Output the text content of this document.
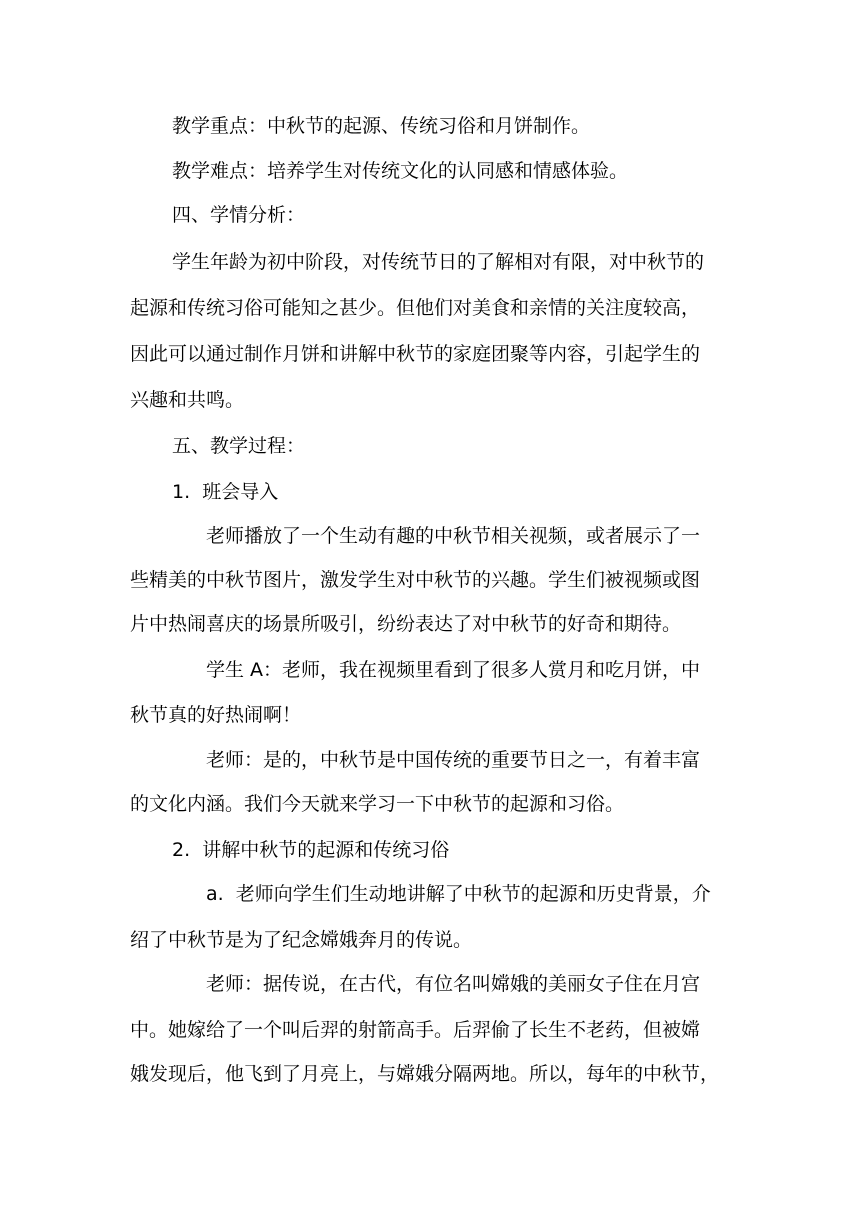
教学重点：中秋节的起源、传统习俗和月饼制作。
教学难点：培养学生对传统文化的认同感和情感体验。
四、学情分析：
学生年龄为初中阶段，对传统节日的了解相对有限，对中秋节的
起源和传统习俗可能知之甚少。但他们对美食和亲情的关注度较高，
因此可以通过制作月饼和讲解中秋节的家庭团聚等内容，引起学生的
兴趣和共鸣。
五、教学过程：
1.  班会导入
老师播放了一个生动有趣的中秋节相关视频，或者展示了一
些精美的中秋节图片，激发学生对中秋节的兴趣。学生们被视频或图
片中热闹喜庆的场景所吸引，纷纷表达了对中秋节的好奇和期待。
学生 A：老师，我在视频里看到了很多人赏月和吃月饼，中
秋节真的好热闹啊！
老师：是的，中秋节是中国传统的重要节日之一，有着丰富
的文化内涵。我们今天就来学习一下中秋节的起源和习俗。
2.  讲解中秋节的起源和传统习俗
a.  老师向学生们生动地讲解了中秋节的起源和历史背景，介
绍了中秋节是为了纪念嫦娥奔月的传说。
老师：据传说，在古代，有位名叫嫦娥的美丽女子住在月宫
中。她嫁给了一个叫后羿的射箭高手。后羿偷了长生不老药，但被嫦
娥发现后，他飞到了月亮上，与嫦娥分隔两地。所以，每年的中秋节，
